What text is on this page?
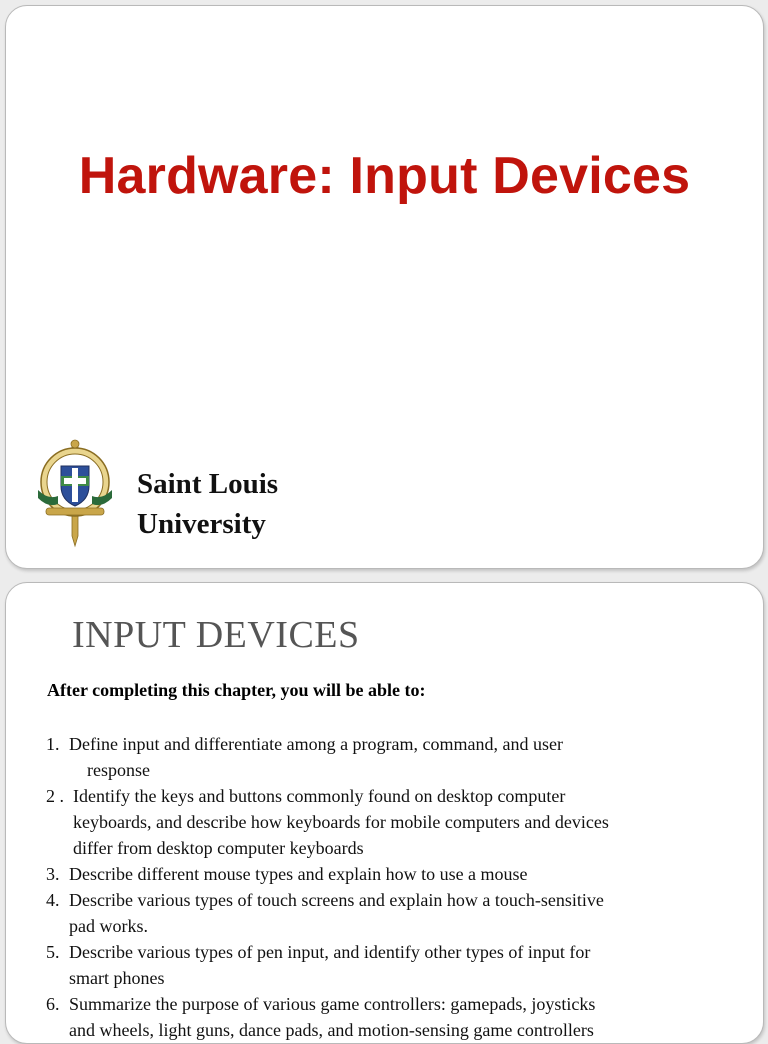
Hardware: Input Devices
Saint Louis
University
INPUT DEVICES
After completing this chapter, you will be able to:
1. Define input and differentiate among a program, command, and user
response
2 . Identify the keys and buttons commonly found on desktop computer
keyboards, and describe how keyboards for mobile computers and devices
differ from desktop computer keyboards
3. Describe different mouse types and explain how to use a mouse
4. Describe various types of touch screens and explain how a touch-sensitive
pad works.
5. Describe various types of pen input, and identify other types of input for
smart phones
6. Summarize the purpose of various game controllers: gamepads, joysticks
and wheels, light guns, dance pads, and motion-sensing game controllers
